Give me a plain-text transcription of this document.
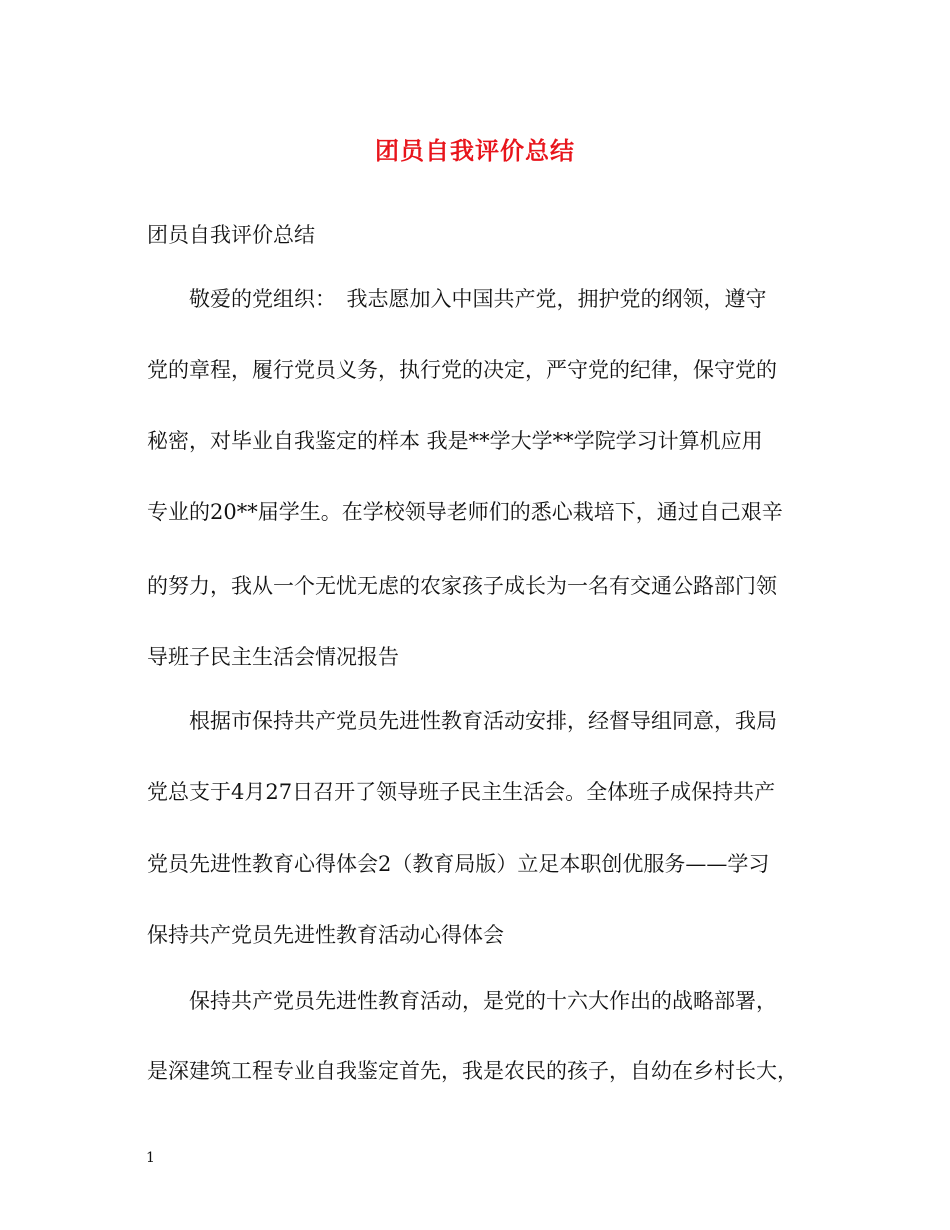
团员自我评价总结
团员自我评价总结
敬爱的党组织：　我志愿加入中国共产党，拥护党的纲领，遵守
党的章程，履行党员义务，执行党的决定，严守党的纪律，保守党的
秘密，对毕业自我鉴定的样本 我是**学大学**学院学习计算机应用
专业的20**届学生。在学校领导老师们的悉心栽培下，通过自己艰辛
的努力，我从一个无忧无虑的农家孩子成长为一名有交通公路部门领
导班子民主生活会情况报告
根据市保持共产党员先进性教育活动安排，经督导组同意，我局
党总支于4月27日召开了领导班子民主生活会。全体班子成保持共产
党员先进性教育心得体会2（教育局版）立足本职创优服务——学习
保持共产党员先进性教育活动心得体会
保持共产党员先进性教育活动，是党的十六大作出的战略部署，
是深建筑工程专业自我鉴定首先，我是农民的孩子，自幼在乡村长大，
1
